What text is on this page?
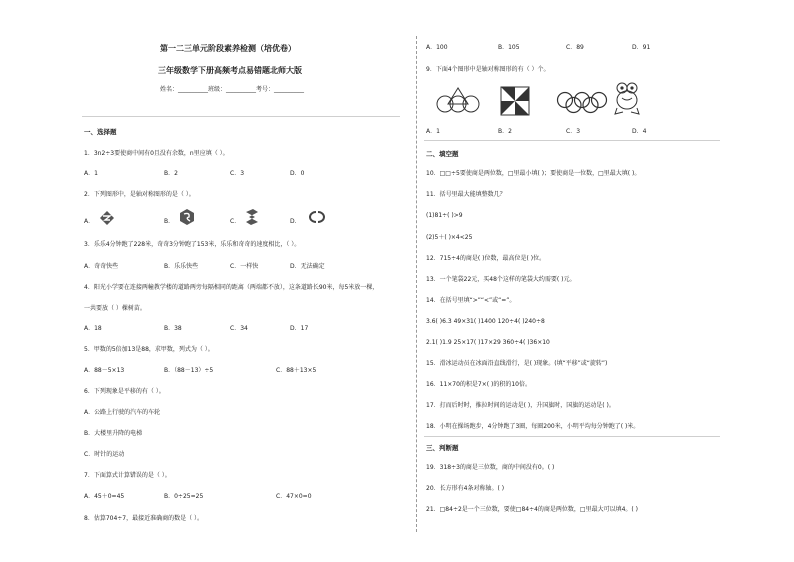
第一二三单元阶段素养检测（培优卷）
三年级数学下册高频考点易错题北师大版
姓名：__________班级：__________考号：__________
一、选择题
1．3n2÷3要使商中间有0且没有余数，n里应填（ ）。
A．1	B．2	C．3	D．0
2．下列图形中，是轴对称图形的是（ ）。
A．	B．	C．	D．
3．乐乐4分钟跑了228米，奇奇3分钟跑了153米，乐乐和奇奇的速度相比，（ ）。
A．奇奇快些	B．乐乐快些	C．一样快	D．无法确定
4．阳光小学要在连接两幢教学楼的道路两旁每隔相同的距离（两端都不放），这条道路长90米，每5米放一棵，
一共要放（ ）棵树苗。
A．18	B．38	C．34	D．17
5．甲数的5倍加13是88，求甲数，列式为（ ）。
A．88－5×13	B．（88－13）÷5	C．88＋13×5
6．下列现象是平移的有（ ）。
A．公路上行驶的汽车的车轮
B．大楼里升降的电梯
C．时针的运动
7．下面算式计算错误的是（ ）。
A．45＋0=45	B．0÷25=25	C．47×0=0
8．估算704÷7，最接近准确商的数是（ ）。
A．100	B．105	C．89	D．91
9．下面4个图形中是轴对称图形的有（ ）个。
A．1	B．2	C．3	D．4
二、填空题
10．□□÷5要使商是两位数，□里最小填( )；要使商是一位数，□里最大填( )。
11．括号里最大能填整数几？
(1)81÷( )>9
(2)5＋( )×4<25
12．715÷4的商是( )位数，最高位是( )位。
13．一个笔袋22元，买48个这样的笔袋大约需要( )元。
14．在括号里填“>”“<”或“=”。
3.6( )6.3 49×31( )1400 120÷4( )240÷8
2.1( )1.9 25×17( )17×29 360÷4( )36×10
15．滑冰运动员在冰面沿直线滑行，是( )现象。(填“平移”或“旋转”)
16．11×70的积是7×( )的积的10倍。
17．打而后时时，推拉时间的运动是( )，升国旗时，国旗的运动是( )。
18．小明在操场跑步，4分钟跑了3圈，每圈200米，小明平均每分钟跑了( )米。
三、判断题
19．318÷3的商是三位数，商的中间没有0。( )
20．长方形有4条对称轴。( )
21．□84÷2是一个三位数，要使□84÷4的商是两位数，□里最大可以填4。( )
